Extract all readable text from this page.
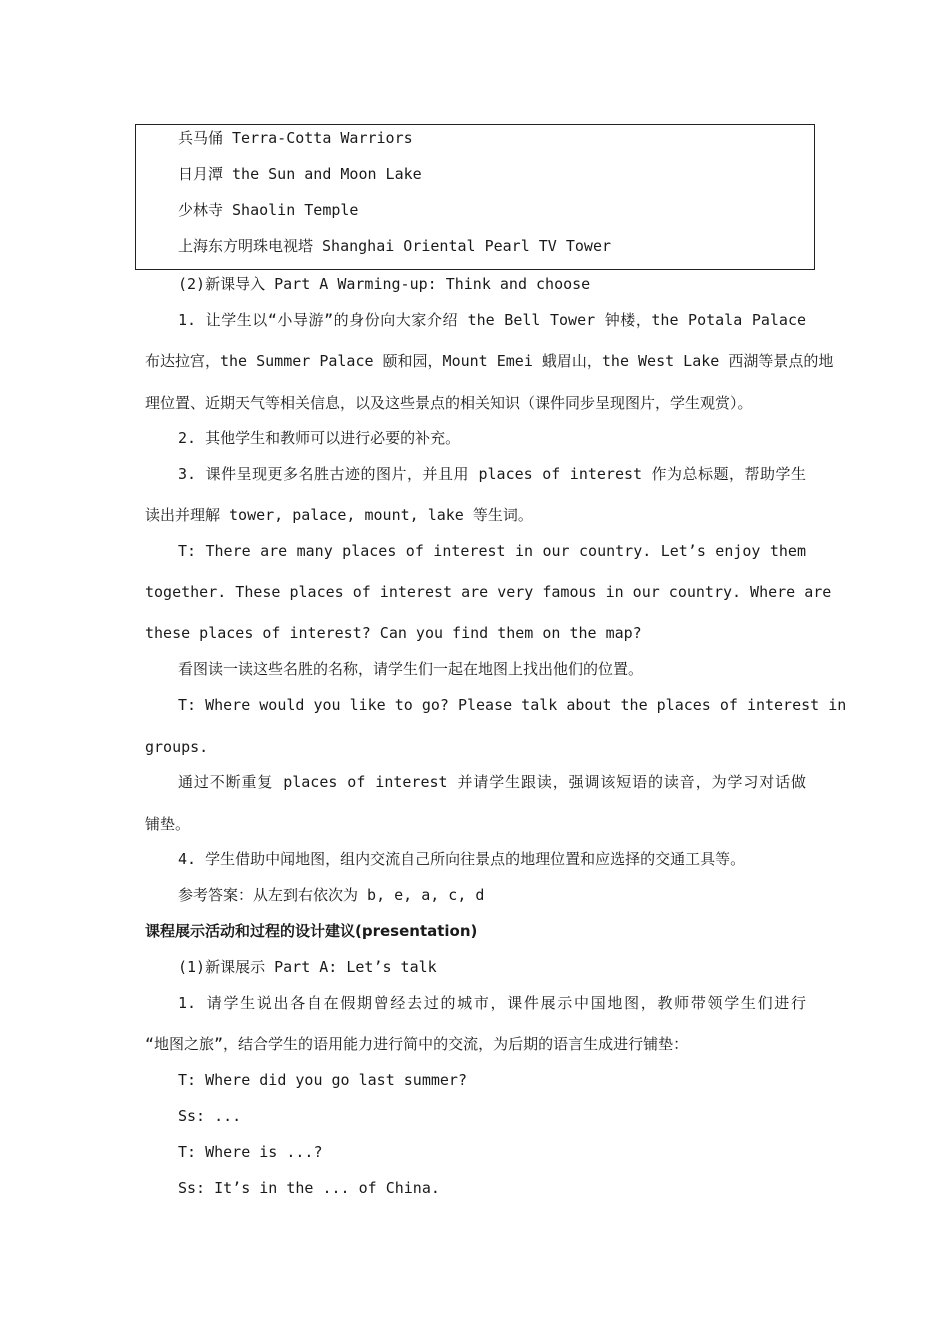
兵马俑 Terra-Cotta Warriors
日月潭 the Sun and Moon Lake
少林寺 Shaolin Temple
上海东方明珠电视塔 Shanghai Oriental Pearl TV Tower
(2)新课导入 Part A Warming-up: Think and choose
1. 让学生以“小导游”的身份向大家介绍 the Bell Tower 钟楼，the Potala Palace
布达拉宫，the Summer Palace 颐和园，Mount Emei 蛾眉山，the West Lake 西湖等景点的地
理位置、近期天气等相关信息，以及这些景点的相关知识（课件同步呈现图片，学生观赏）。
2. 其他学生和教师可以进行必要的补充。
3. 课件呈现更多名胜古迹的图片，并且用 places of interest 作为总标题，帮助学生
读出并理解 tower, palace, mount, lake 等生词。
T: There are many places of interest in our country. Let’s enjoy them
together. These places of interest are very famous in our country. Where are
these places of interest? Can you find them on the map?
看图读一读这些名胜的名称，请学生们一起在地图上找出他们的位置。
T: Where would you like to go? Please talk about the places of interest in
groups.
通过不断重复 places of interest 并请学生跟读，强调该短语的读音，为学习对话做
铺垫。
4. 学生借助中闻地图，组内交流自己所向往景点的地理位置和应选择的交通工具等。
参考答案：从左到右依次为 b, e, a, c, d
课程展示活动和过程的设计建议(presentation)
(1)新课展示 Part A: Let’s talk
1. 请学生说出各自在假期曾经去过的城市，课件展示中国地图，教师带领学生们进行
“地图之旅”，结合学生的语用能力进行简中的交流，为后期的语言生成进行铺垫：
T: Where did you go last summer?
Ss: ...
T: Where is ...?
Ss: It’s in the ... of China.
